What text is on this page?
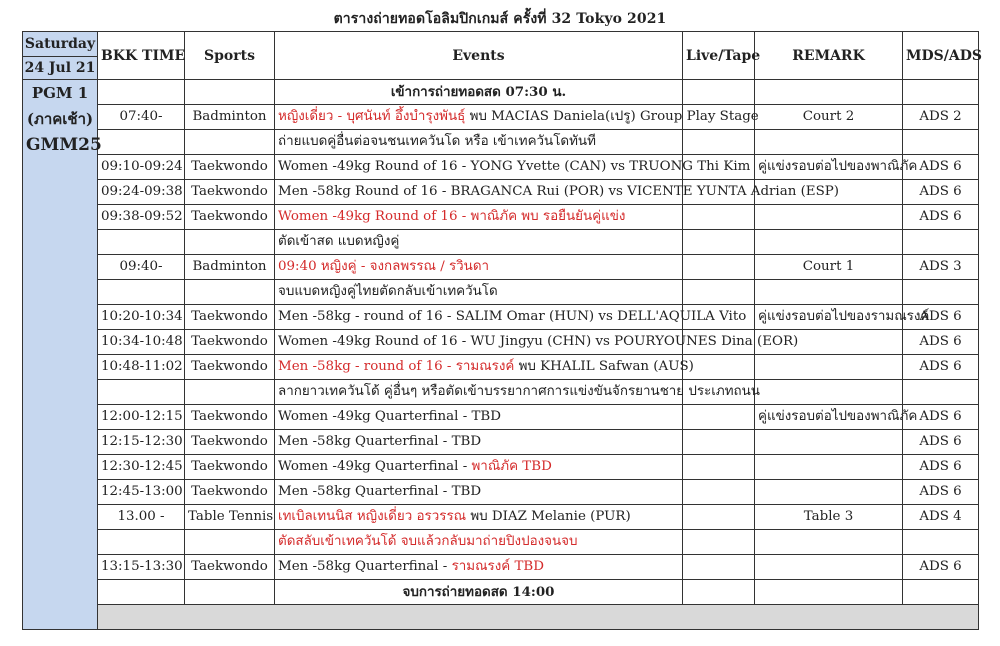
ตารางถ่ายทอดโอลิมปิกเกมส์ ครั้งที่ 32 Tokyo 2021
Saturday
24 Jul 21	BKK TIME	Sports	Events	Live/Tape	REMARK	MDS/ADS

PGM 1
(ภาคเช้า)
GMM25			เข้าการถ่ายทอดสด 07:30 น.			
	07:40-	Badminton	หญิงเดี่ยว - บุศนันท์ อึ้งบำรุงพันธ์ุ พบ MACIAS Daniela(เปรู) Group Play Stage		Court 2	ADS 2
			ถ่ายแบดคู่อื่นต่อจนชนเทควันโด หรือ เข้าเทควันโดทันที			
	09:10-09:24	Taekwondo	Women -49kg Round of 16 - YONG Yvette (CAN) vs TRUONG Thi Kim		คู่แข่งรอบต่อไปของพาณิภัค	ADS 6
	09:24-09:38	Taekwondo	Men -58kg Round of 16 - BRAGANCA Rui (POR) vs VICENTE YUNTA Adrian (ESP)			ADS 6
	09:38-09:52	Taekwondo	Women -49kg Round of 16 - พาณิภัค พบ รอยืนยันคู่แข่ง			ADS 6
			ตัดเข้าสด แบดหญิงคู่			
	09:40-	Badminton	09:40 หญิงคู่ - จงกลพรรณ / รวินดา		Court 1	ADS 3
			จบแบดหญิงคู่ไทยตัดกลับเข้าเทควันโด			
	10:20-10:34	Taekwondo	Men -58kg - round of 16 - SALIM Omar (HUN) vs DELL'AQUILA Vito		คู่แข่งรอบต่อไปของรามณรงค์	ADS 6
	10:34-10:48	Taekwondo	Women -49kg Round of 16 - WU Jingyu (CHN) vs POURYOUNES Dina (EOR)			ADS 6
	10:48-11:02	Taekwondo	Men -58kg - round of 16 - รามณรงค์ พบ KHALIL Safwan (AUS)			ADS 6
			ลากยาวเทควันโด้ คู่อื่นๆ หรือตัดเข้าบรรยากาศการแข่งขันจักรยานชาย ประเภทถนน			
	12:00-12:15	Taekwondo	Women -49kg Quarterfinal - TBD		คู่แข่งรอบต่อไปของพาณิภัค	ADS 6
	12:15-12:30	Taekwondo	Men -58kg Quarterfinal - TBD			ADS 6
	12:30-12:45	Taekwondo	Women -49kg Quarterfinal - พาณิภัค TBD			ADS 6
	12:45-13:00	Taekwondo	Men -58kg Quarterfinal - TBD			ADS 6
	13.00 -	Table Tennis	เทเบิลเทนนิส หญิงเดี่ยว อรวรรณ พบ DIAZ Melanie (PUR)		Table 3	ADS 4
			ตัดสลับเข้าเทควันโด้ จบแล้วกลับมาถ่ายปิงปองจนจบ			
	13:15-13:30	Taekwondo	Men -58kg Quarterfinal - รามณรงค์ TBD			ADS 6
			จบการถ่ายทอดสด 14:00			
